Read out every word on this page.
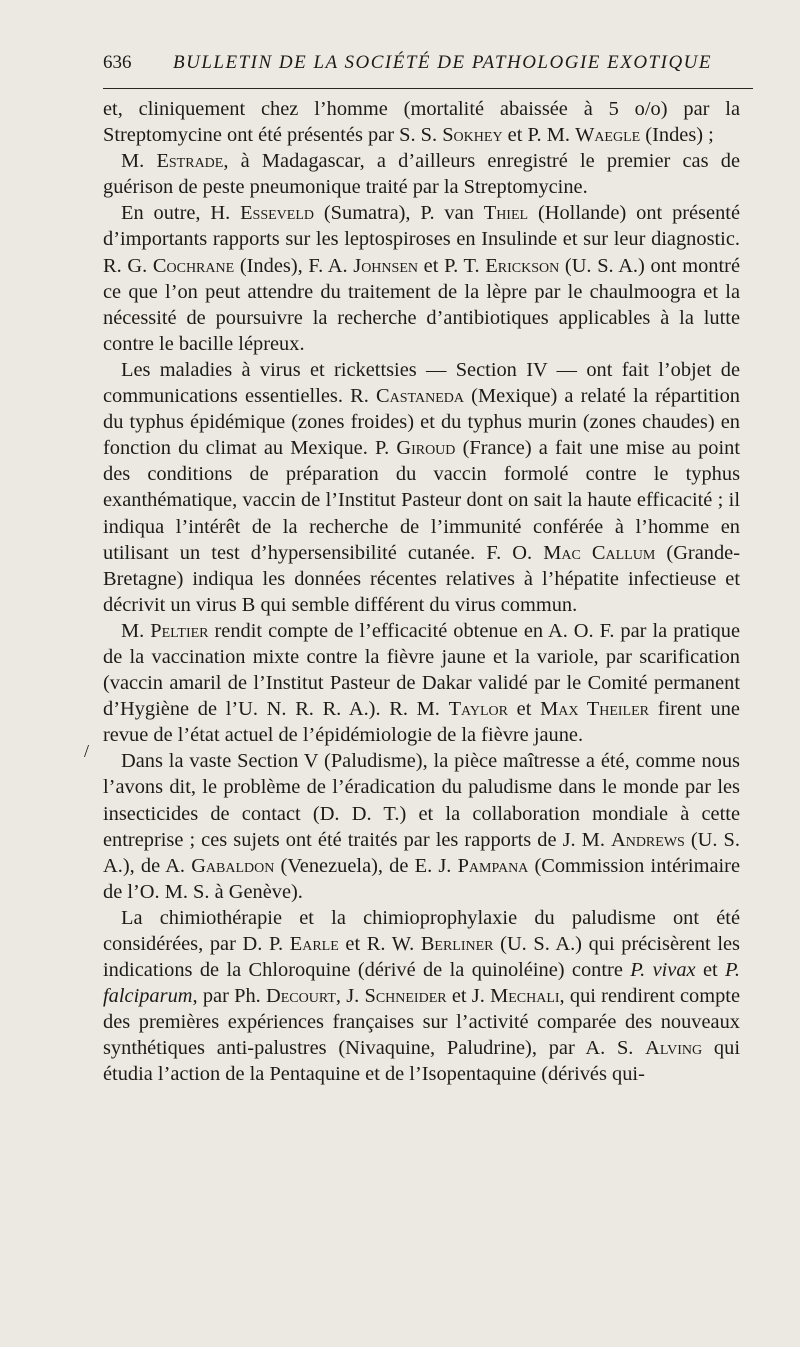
636 BULLETIN DE LA SOCIÉTÉ DE PATHOLOGIE EXOTIQUE
/

et, cliniquement chez l’homme (mortalité abaissée à 5 o/o) par la Streptomycine ont été présentés par S. S. Sokhey et P. M. Waegle (Indes) ;

M. Estrade, à Madagascar, a d’ailleurs enregistré le premier cas de guérison de peste pneumonique traité par la Streptomycine.

En outre, H. Esseveld (Sumatra), P. van Thiel (Hollande) ont présenté d’importants rapports sur les leptospiroses en Insulinde et sur leur diagnostic. R. G. Cochrane (Indes), F. A. Johnsen et P. T. Erickson (U. S. A.) ont montré ce que l’on peut attendre du traitement de la lèpre par le chaulmoogra et la nécessité de poursuivre la recherche d’antibiotiques applicables à la lutte contre le bacille lépreux.

Les maladies à virus et rickettsies — Section IV — ont fait l’objet de communications essentielles. R. Castaneda (Mexique) a relaté la répartition du typhus épidémique (zones froides) et du typhus murin (zones chaudes) en fonction du climat au Mexique. P. Giroud (France) a fait une mise au point des conditions de préparation du vaccin formolé contre le typhus exanthématique, vaccin de l’Institut Pasteur dont on sait la haute efficacité ; il indiqua l’intérêt de la recherche de l’immunité conférée à l’homme en utilisant un test d’hypersensibilité cutanée. F. O. Mac Callum (Grande-Bretagne) indiqua les données récentes relatives à l’hépatite infectieuse et décrivit un virus B qui semble différent du virus commun.

M. Peltier rendit compte de l’efficacité obtenue en A. O. F. par la pratique de la vaccination mixte contre la fièvre jaune et la variole, par scarification (vaccin amaril de l’Institut Pasteur de Dakar validé par le Comité permanent d’Hygiène de l’U. N. R. R. A.). R. M. Taylor et Max Theiler firent une revue de l’état actuel de l’épidémiologie de la fièvre jaune.

Dans la vaste Section V (Paludisme), la pièce maîtresse a été, comme nous l’avons dit, le problème de l’éradication du paludisme dans le monde par les insecticides de contact (D. D. T.) et la collaboration mondiale à cette entreprise ; ces sujets ont été traités par les rapports de J. M. Andrews (U. S. A.), de A. Gabaldon (Venezuela), de E. J. Pampana (Commission intérimaire de l’O. M. S. à Genève).

La chimiothérapie et la chimioprophylaxie du paludisme ont été considérées, par D. P. Earle et R. W. Berliner (U. S. A.) qui précisèrent les indications de la Chloroquine (dérivé de la quinoléine) contre P. vivax et P. falciparum, par Ph. Decourt, J. Schneider et J. Mechali, qui rendirent compte des premières expériences françaises sur l’activité comparée des nouveaux synthétiques anti-palustres (Nivaquine, Paludrine), par A. S. Alving qui étudia l’action de la Pentaquine et de l’Isopentaquine (dérivés qui-
